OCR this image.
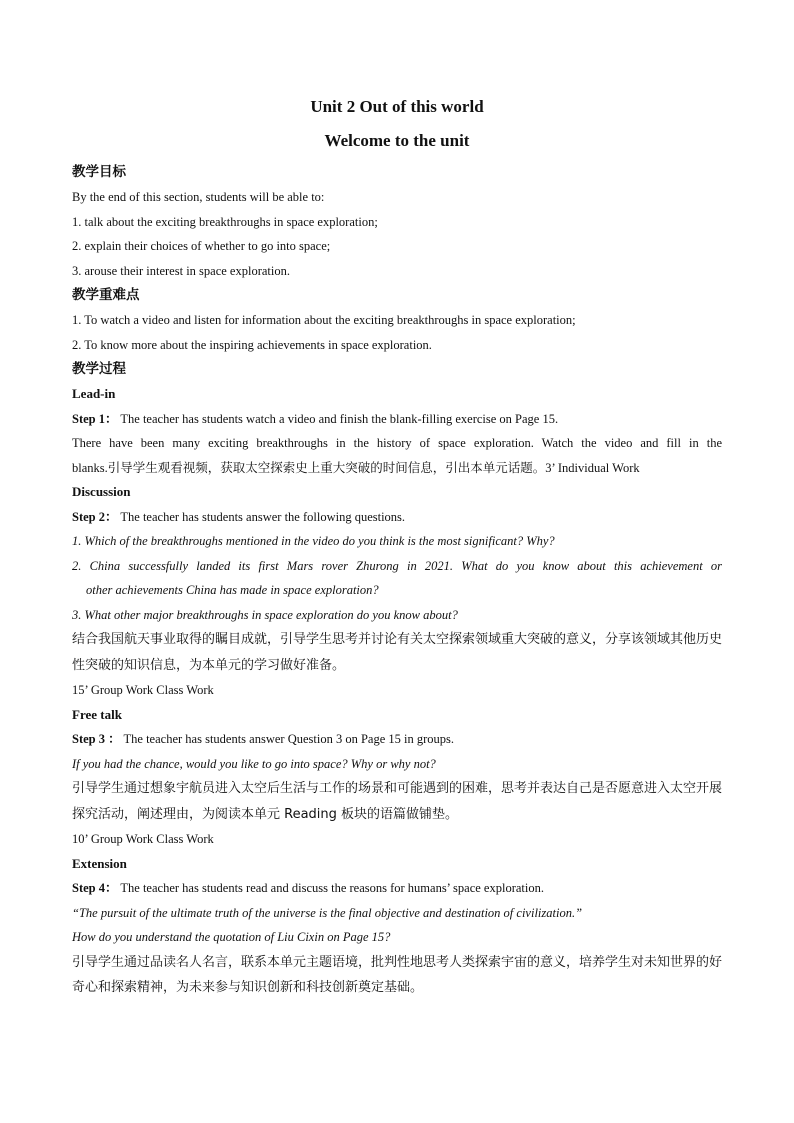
Unit 2 Out of this world

Welcome to the unit

教学目标

By the end of this section, students will be able to:

1. talk about the exciting breakthroughs in space exploration;

2. explain their choices of whether to go into space;

3. arouse their interest in space exploration.

教学重难点

1. To watch a video and listen for information about the exciting breakthroughs in space exploration;

2. To know more about the inspiring achievements in space exploration.

教学过程

Lead-in

Step 1： The teacher has students watch a video and finish the blank-filling exercise on Page 15.

There have been many exciting breakthroughs in the history of space exploration. Watch the video and fill in the

blanks.引导学生观看视频，获取太空探索史上重大突破的时间信息，引出本单元话题。3’ Individual Work

Discussion

Step 2： The teacher has students answer the following questions.

1. Which of the breakthroughs mentioned in the video do you think is the most significant? Why?

2. China successfully landed its first Mars rover Zhurong in 2021. What do you know about this achievement or

other achievements China has made in space exploration?

3. What other major breakthroughs in space exploration do you know about?

结合我国航天事业取得的瞩目成就，引导学生思考并讨论有关太空探索领域重大突破的意义，分享该领域其他历史性突破的知识信息，为本单元的学习做好准备。

15’ Group Work Class Work

Free talk

Step 3 ： The teacher has students answer Question 3 on Page 15 in groups.

If you had the chance, would you like to go into space? Why or why not?

引导学生通过想象宇航员进入太空后生活与工作的场景和可能遇到的困难，思考并表达自己是否愿意进入太空开展探究活动，阐述理由，为阅读本单元 Reading 板块的语篇做铺垫。

10’ Group Work Class Work

Extension

Step 4： The teacher has students read and discuss the reasons for humans’ space exploration.

“The pursuit of the ultimate truth of the universe is the final objective and destination of civilization.”

How do you understand the quotation of Liu Cixin on Page 15?

引导学生通过品读名人名言，联系本单元主题语境，批判性地思考人类探索宇宙的意义，培养学生对未知世界的好奇心和探索精神，为未来参与知识创新和科技创新奠定基础。
